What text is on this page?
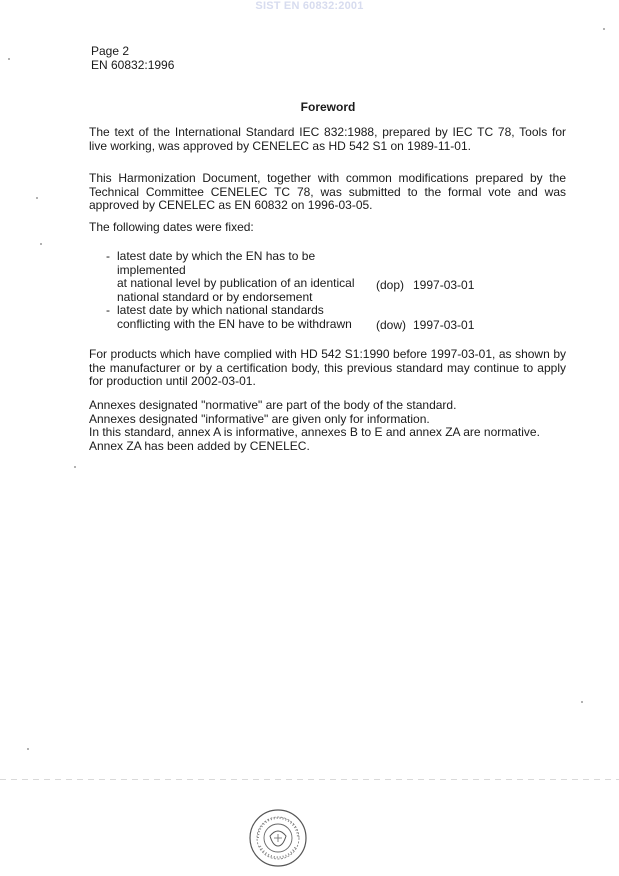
SIST EN 60832:2001
Page 2
EN 60832:1996
Foreword
The text of the International Standard IEC 832:1988, prepared by IEC TC 78, Tools for live working, was approved by CENELEC as HD 542 S1 on 1989-11-01.
This Harmonization Document, together with common modifications prepared by the Technical Committee CENELEC TC 78, was submitted to the formal vote and was approved by CENELEC as EN 60832 on 1996-03-05.
The following dates were fixed:
- latest date by which the EN has to be implemented
at national level by publication of an identical
national standard or by endorsement
(dop) 1997-03-01
- latest date by which national standards
conflicting with the EN have to be withdrawn	(dow) 1997-03-01
For products which have complied with HD 542 S1:1990 before 1997-03-01, as shown by the manufacturer or by a certification body, this previous standard may continue to apply for production until 2002-03-01.
Annexes designated "normative" are part of the body of the standard.
Annexes designated "informative" are given only for information.
In this standard, annex A is informative, annexes B to E and annex ZA are normative.
Annex ZA has been added by CENELEC.
